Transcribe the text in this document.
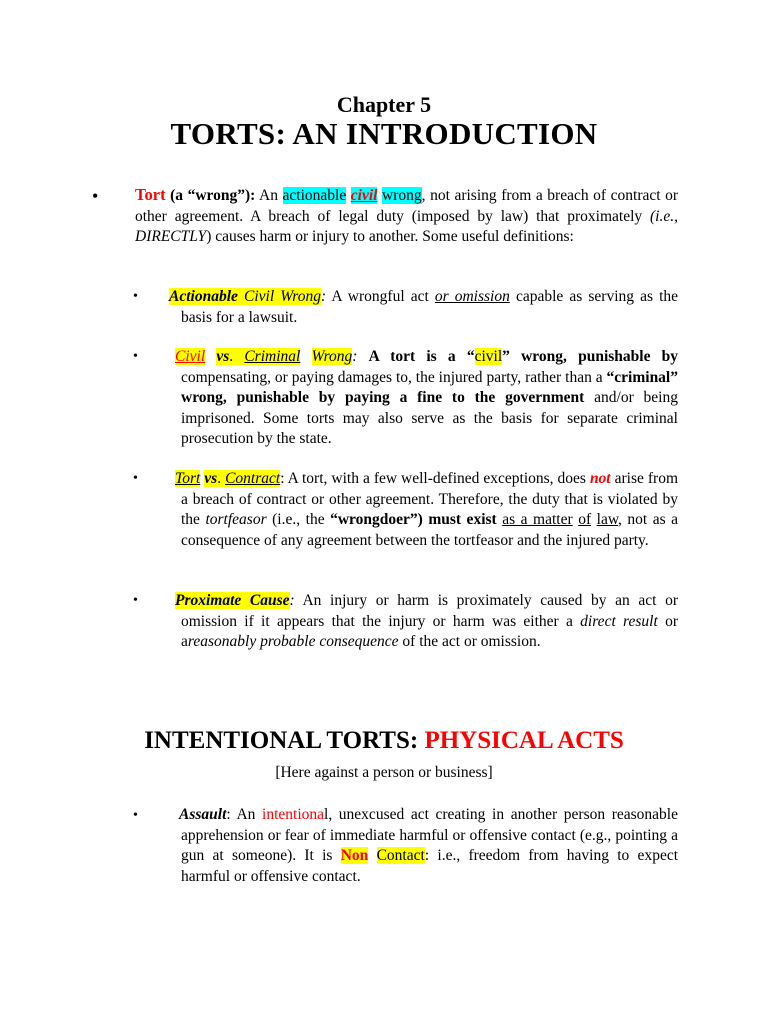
Chapter 5
TORTS: AN INTRODUCTION
• Tort (a “wrong”): An actionable civil wrong, not arising from a breach of contract or other agreement. A breach of legal duty (imposed by law) that proximately (i.e., DIRECTLY) causes harm or injury to another. Some useful definitions:
• Actionable Civil Wrong: A wrongful act or omission capable as serving as the basis for a lawsuit.
• Civil vs. Criminal Wrong: A tort is a “civil” wrong, punishable by compensating, or paying damages to, the injured party, rather than a “criminal” wrong, punishable by paying a fine to the government and/or being imprisoned. Some torts may also serve as the basis for separate criminal prosecution by the state.
• Tort vs. Contract: A tort, with a few well-defined exceptions, does not arise from a breach of contract or other agreement. Therefore, the duty that is violated by the tortfeasor (i.e., the “wrongdoer”) must exist as a matter of law, not as a consequence of any agreement between the tortfeasor and the injured party.
• Proximate Cause: An injury or harm is proximately caused by an act or omission if it appears that the injury or harm was either a direct result or areasonably probable consequence of the act or omission.
INTENTIONAL TORTS: PHYSICAL ACTS
[Here against a person or business]
•	Assault: An intentional, unexcused act creating in another person reasonable apprehension or fear of immediate harmful or offensive contact (e.g., pointing a gun at someone). It is Non Contact: i.e., freedom from having to expect harmful or offensive contact.
